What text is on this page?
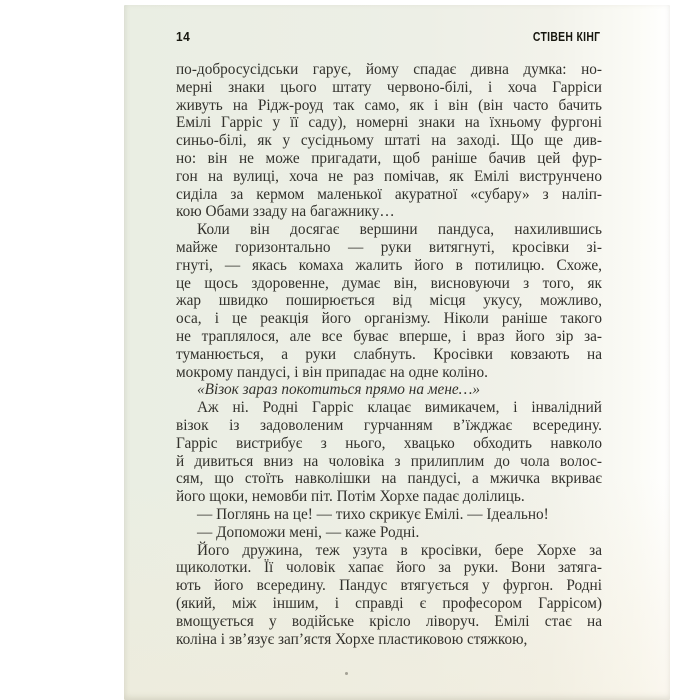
14	СТІВЕН КІНГ
по-добросусідськи гарує, йому спадає дивна думка: но-
мерні знаки цього штату червоно-білі, і хоча Гарріси
живуть на Рідж-роуд так само, як і він (він часто бачить
Емілі Гарріс у її саду), номерні знаки на їхньому фургоні
синьо-білі, як у сусідньому штаті на заході. Що ще див-
но: він не може пригадати, щоб раніше бачив цей фур-
гон на вулиці, хоча не раз помічав, як Емілі виструнчено
сиділа за кермом маленької акуратної «субару» з наліп-
кою Обами ззаду на багажнику…
Коли він досягає вершини пандуса, нахилившись
майже горизонтально — руки витягнуті, кросівки зі-
гнуті, — якась комаха жалить його в потилицю. Схоже,
це щось здоровенне, думає він, висновуючи з того, як
жар швидко поширюється від місця укусу, можливо,
оса, і це реакція його організму. Ніколи раніше такого
не траплялося, але все буває вперше, і враз його зір за-
туманюється, а руки слабнуть. Кросівки ковзають на
мокрому пандусі, і він припадає на одне коліно.
«Візок зараз покотиться прямо на мене…»
Аж ні. Родні Гарріс клацає вимикачем, і інвалідний
візок із задоволеним гурчанням в’їжджає всередину.
Гарріс вистрибує з нього, хвацько обходить навколо
й дивиться вниз на чоловіка з прилиплим до чола волос-
сям, що стоїть навколішки на пандусі, а мжичка вкриває
його щоки, немовби піт. Потім Хорхе падає долілиць.
— Поглянь на це! — тихо скрикує Емілі. — Ідеально!
— Допоможи мені, — каже Родні.
Його дружина, теж узута в кросівки, бере Хорхе за
щиколотки. Її чоловік хапає його за руки. Вони затяга-
ють його всередину. Пандус втягується у фургон. Родні
(який, між іншим, і справді є професором Гаррісом)
вмощується у водійське крісло ліворуч. Емілі стає на
коліна і зв’язує зап’ястя Хорхе пластиковою стяжкою,
